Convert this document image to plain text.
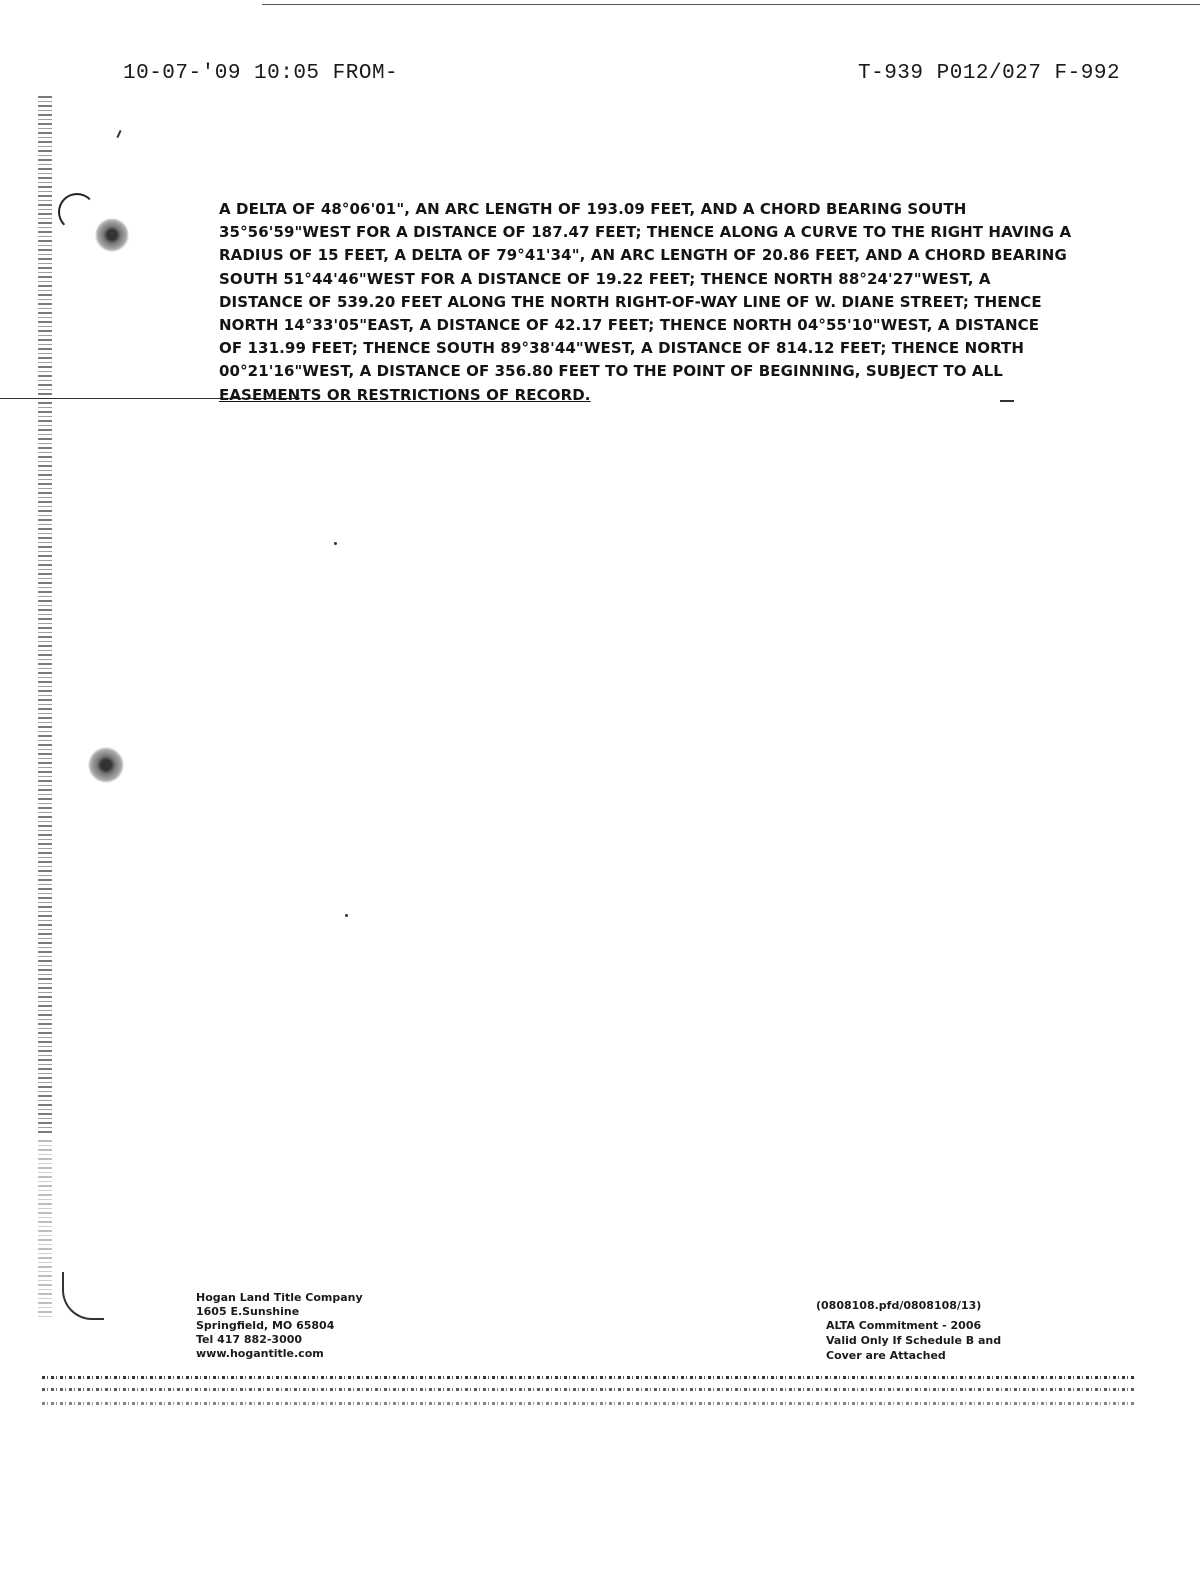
10-07-'09 10:05 FROM-	T-939 P012/027 F-992

A DELTA OF 48°06'01", AN ARC LENGTH OF 193.09 FEET, AND A CHORD BEARING SOUTH
35°56'59"WEST FOR A DISTANCE OF 187.47 FEET; THENCE ALONG A CURVE TO THE RIGHT HAVING A
RADIUS OF 15 FEET, A DELTA OF 79°41'34", AN ARC LENGTH OF 20.86 FEET, AND A CHORD BEARING
SOUTH 51°44'46"WEST FOR A DISTANCE OF 19.22 FEET; THENCE NORTH 88°24'27"WEST, A
DISTANCE OF 539.20 FEET ALONG THE NORTH RIGHT-OF-WAY LINE OF W. DIANE STREET; THENCE
NORTH 14°33'05"EAST, A DISTANCE OF 42.17 FEET; THENCE NORTH 04°55'10"WEST, A DISTANCE
OF 131.99 FEET; THENCE SOUTH 89°38'44"WEST, A DISTANCE OF 814.12 FEET; THENCE NORTH
00°21'16"WEST, A DISTANCE OF 356.80 FEET TO THE POINT OF BEGINNING, SUBJECT TO ALL
EASEMENTS OR RESTRICTIONS OF RECORD.

Hogan Land Title Company
1605 E.Sunshine
Springfield, MO 65804
Tel 417 882-3000
www.hogantitle.com
(0808108.pfd/0808108/13)
ALTA Commitment - 2006
Valid Only If Schedule B and
Cover are Attached
